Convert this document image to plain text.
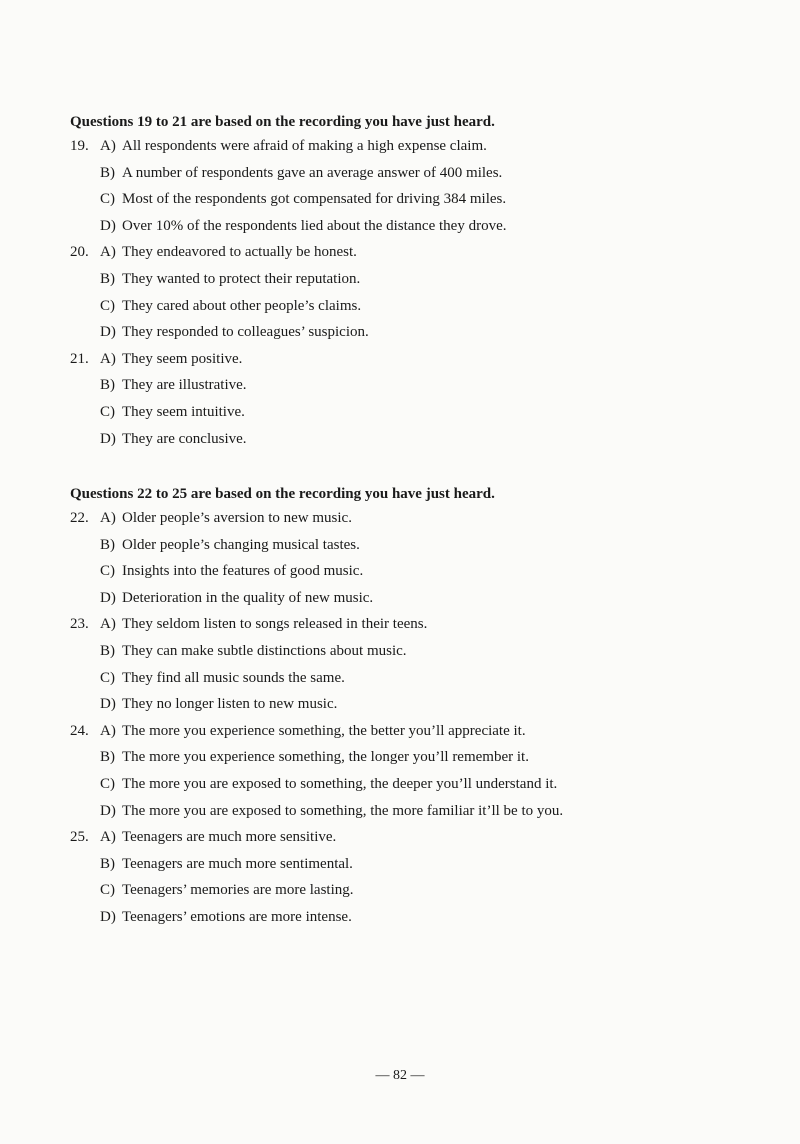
Questions 19 to 21 are based on the recording you have just heard.
19. A) All respondents were afraid of making a high expense claim.
B) A number of respondents gave an average answer of 400 miles.
C) Most of the respondents got compensated for driving 384 miles.
D) Over 10% of the respondents lied about the distance they drove.
20. A) They endeavored to actually be honest.
B) They wanted to protect their reputation.
C) They cared about other people’s claims.
D) They responded to colleagues’ suspicion.
21. A) They seem positive.
B) They are illustrative.
C) They seem intuitive.
D) They are conclusive.
Questions 22 to 25 are based on the recording you have just heard.
22. A) Older people’s aversion to new music.
B) Older people’s changing musical tastes.
C) Insights into the features of good music.
D) Deterioration in the quality of new music.
23. A) They seldom listen to songs released in their teens.
B) They can make subtle distinctions about music.
C) They find all music sounds the same.
D) They no longer listen to new music.
24. A) The more you experience something, the better you’ll appreciate it.
B) The more you experience something, the longer you’ll remember it.
C) The more you are exposed to something, the deeper you’ll understand it.
D) The more you are exposed to something, the more familiar it’ll be to you.
25. A) Teenagers are much more sensitive.
B) Teenagers are much more sentimental.
C) Teenagers’ memories are more lasting.
D) Teenagers’ emotions are more intense.
— 82 —
